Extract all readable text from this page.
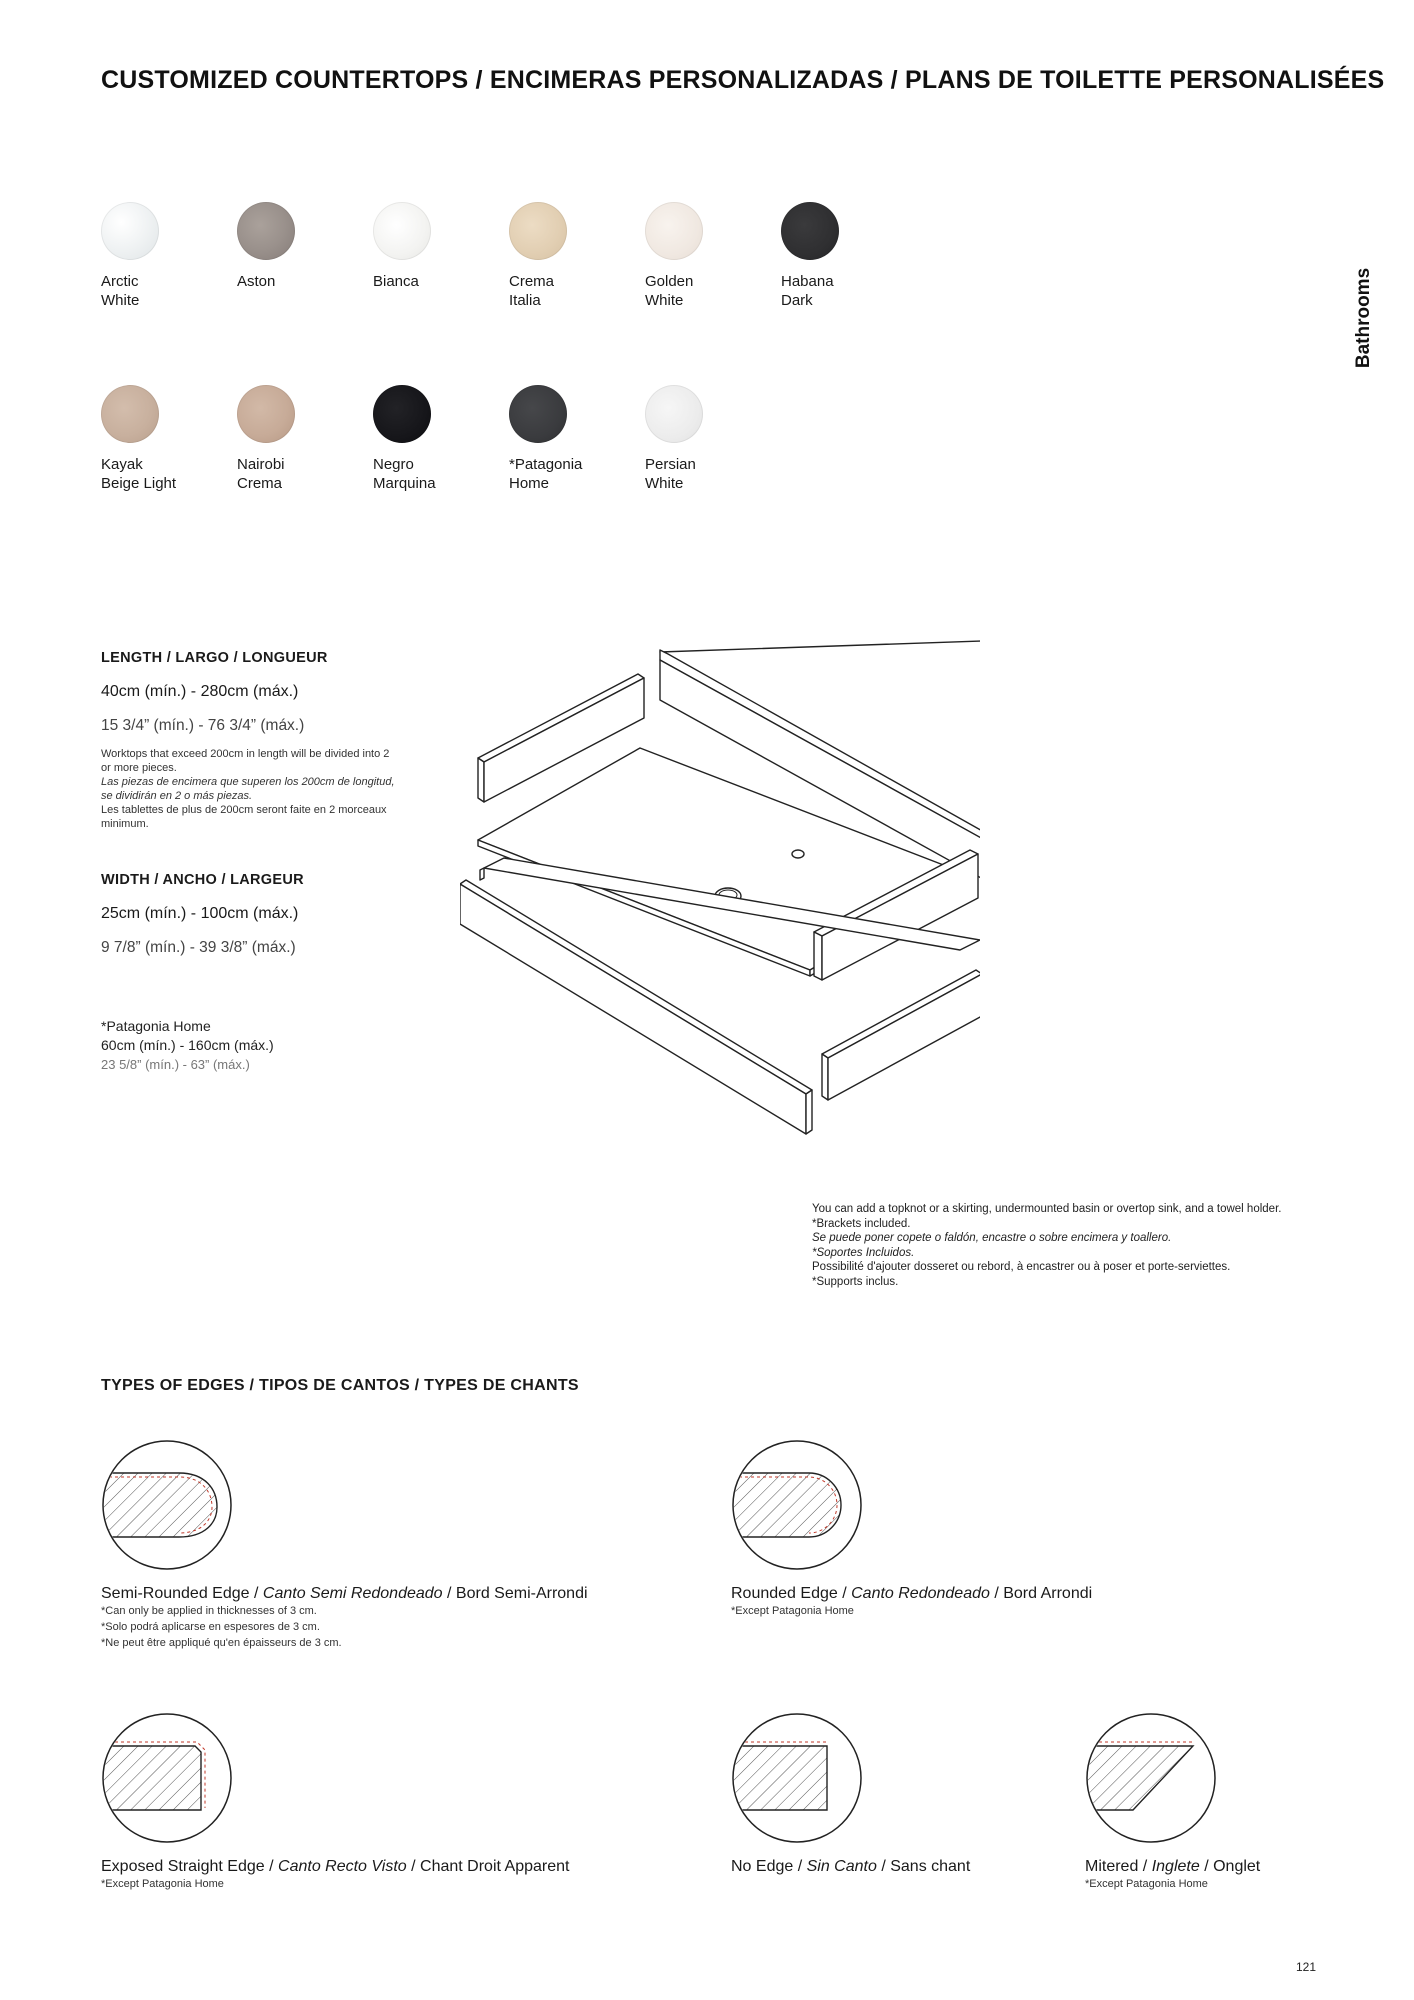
CUSTOMIZED COUNTERTOPS / ENCIMERAS PERSONALIZADAS / PLANS DE TOILETTE PERSONALISÉES
Bathrooms
Arctic
White
Aston	Bianca	Crema
Italia
Golden
White
Habana
Dark
Kayak
Beige Light
Nairobi
Crema
Negro
Marquina
*Patagonia
Home
Persian
White
LENGTH / LARGO / LONGUEUR
40cm (mín.) - 280cm (máx.)
15 3/4” (mín.) - 76 3/4” (máx.)

Worktops that exceed 200cm in length will be divided into 2 or more pieces.

Las piezas de encimera que superen los 200cm de longitud, se dividirán en 2 o más piezas.

Les tablettes de plus de 200cm seront faite en 2 morceaux minimum.

WIDTH / ANCHO / LARGEUR
25cm (mín.) - 100cm (máx.)
9 7/8” (mín.) - 39 3/8” (máx.)
*Patagonia Home
60cm (mín.) - 160cm (máx.)
23 5/8” (mín.) - 63” (máx.)

You can add a topknot or a skirting, undermounted basin or overtop sink, and a towel holder.

*Brackets included.

Se puede poner copete o faldón, encastre o sobre encimera y toallero.

*Soportes Incluidos.

Possibilité d'ajouter dosseret ou rebord, à encastrer ou à poser et porte-serviettes.

*Supports inclus.

TYPES OF EDGES / TIPOS DE CANTOS / TYPES DE CHANTS
Semi-Rounded Edge / Canto Semi Redondeado / Bord Semi-Arrondi
*Can only be applied in thicknesses of 3 cm.
*Solo podrá aplicarse en espesores de 3 cm.
*Ne peut être appliqué qu'en épaisseurs de 3 cm.
Rounded Edge / Canto Redondeado / Bord Arrondi
*Except Patagonia Home
Exposed Straight Edge / Canto Recto Visto / Chant Droit Apparent
*Except Patagonia Home
No Edge / Sin Canto / Sans chant	Mitered / Inglete / Onglet
*Except Patagonia Home
121
